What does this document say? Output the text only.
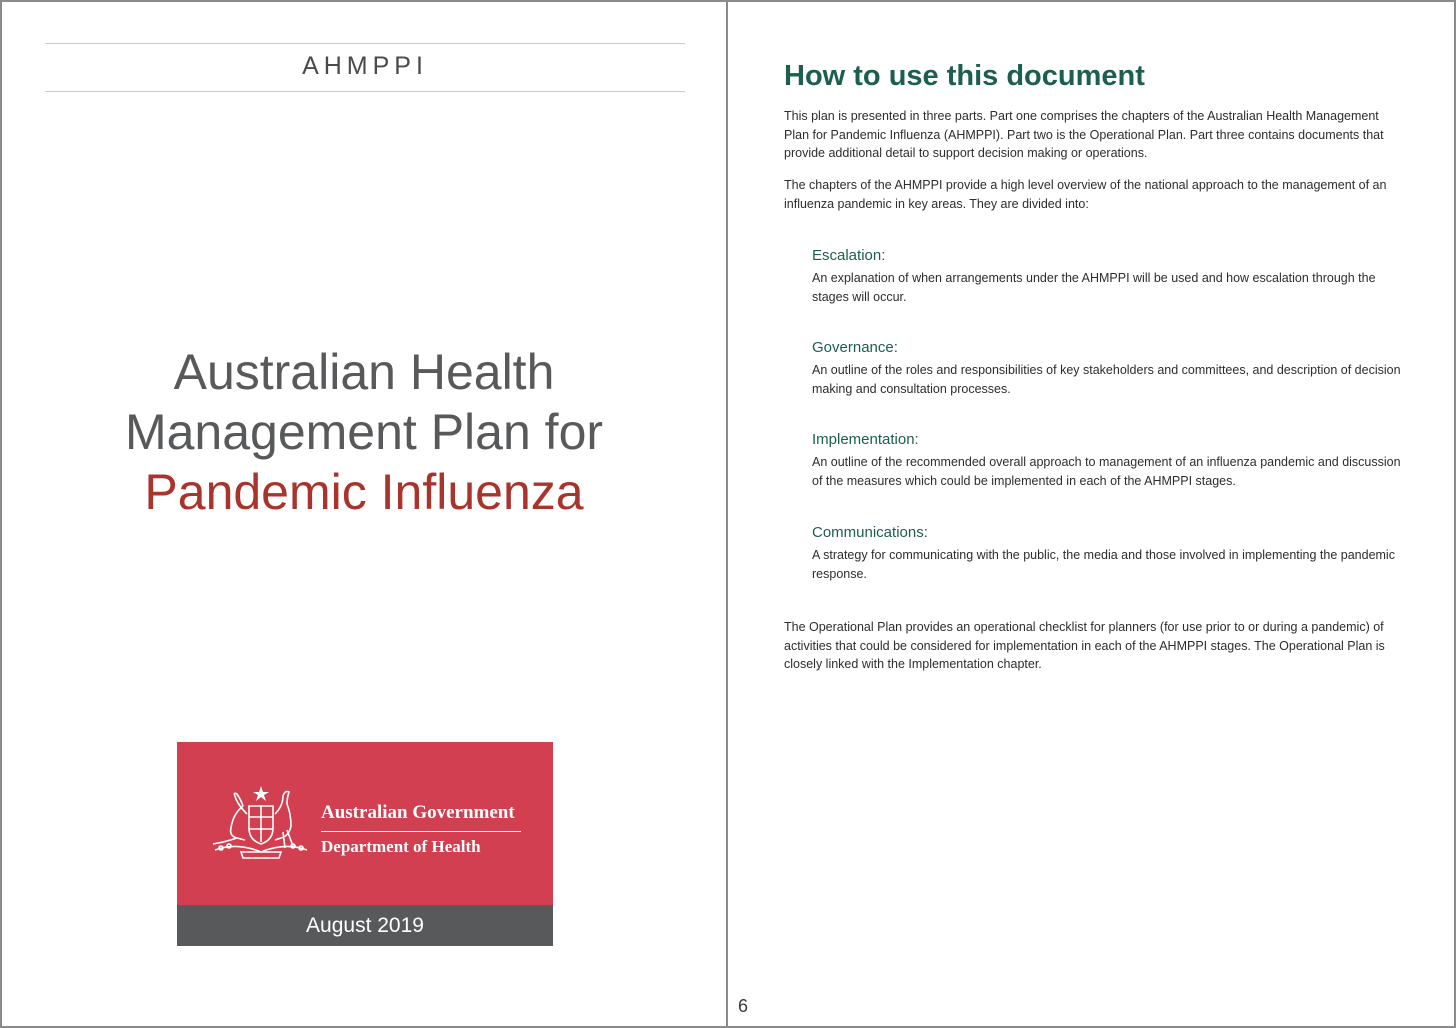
AHMPPI
Australian Health
Management Plan for
Pandemic Influenza
Australian Government
Department of Health
August 2019
How to use this document
This plan is presented in three parts. Part one comprises the chapters of the Australian Health Management Plan for Pandemic Influenza (AHMPPI). Part two is the Operational Plan. Part three contains documents that provide additional detail to support decision making or operations.
The chapters of the AHMPPI provide a high level overview of the national approach to the management of an influenza pandemic in key areas. They are divided into:
Escalation:
An explanation of when arrangements under the AHMPPI will be used and how escalation through the stages will occur.
Governance:
An outline of the roles and responsibilities of key stakeholders and committees, and description of decision making and consultation processes.
Implementation:
An outline of the recommended overall approach to management of an influenza pandemic and discussion of the measures which could be implemented in each of the AHMPPI stages.
Communications:
A strategy for communicating with the public, the media and those involved in implementing the pandemic response.
The Operational Plan provides an operational checklist for planners (for use prior to or during a pandemic) of activities that could be considered for implementation in each of the AHMPPI stages. The Operational Plan is closely linked with the Implementation chapter.
6
